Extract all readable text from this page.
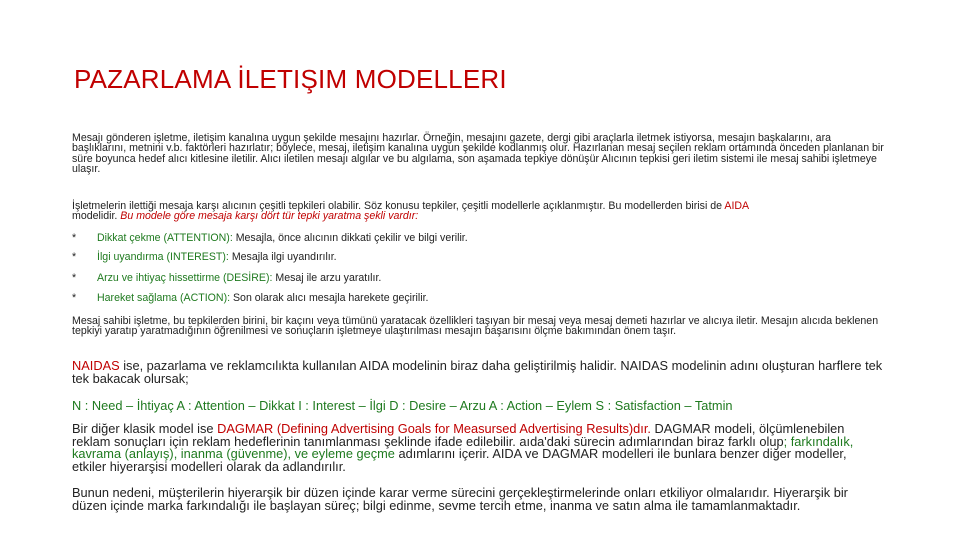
PAZARLAMA İLETIŞIM MODELLERI

Mesajı gönderen işletme, iletişim kanalına uygun şekilde mesajını hazırlar. Örneğin, mesajını gazete, dergi gibi araçlarla iletmek istiyorsa, mesajın başkalarını, ara başlıklarını, metnini v.b. faktörleri hazırlatır; böylece, mesaj, iletişim kanalına uygun şekilde kodlanmış olur. Hazırlanan mesaj seçilen reklam ortamında önceden planlanan bir süre boyunca hedef alıcı kitlesine iletilir. Alıcı iletilen mesajı algılar ve bu algılama, son aşamada tepkiye dönüşür Alıcının tepkisi geri iletim sistemi ile mesaj sahibi işletmeye ulaşır.

İşletmelerin ilettiği mesaja karşı alıcının çeşitli tepkileri olabilir. Söz konusu tepkiler, çeşitli modellerle açıklanmıştır. Bu modellerden birisi de AIDA
modelidir. Bu modele göre mesaja karşı dört tür tepki yaratma şekli vardır:

* Dikkat çekme (ATTENTION): Mesajla, önce alıcının dikkati çekilir ve bilgi verilir.
* İlgi uyandırma (INTEREST): Mesajla ilgi uyandırılır.
* Arzu ve ihtiyaç hissettirme (DESİRE): Mesaj ile arzu yaratılır.
* Hareket sağlama (ACTION): Son olarak alıcı mesajla harekete geçirilir.

Mesaj sahibi işletme, bu tepkilerden birini, bir kaçını veya tümünü yaratacak özellikleri taşıyan bir mesaj veya mesaj demeti hazırlar ve alıcıya iletir. Mesajın alıcıda beklenen tepkiyi yaratıp yaratmadığının öğrenilmesi ve sonuçların işletmeye ulaştırılması mesajın başarısını ölçme bakımından önem taşır.

NAIDAS ise, pazarlama ve reklamcılıkta kullanılan AIDA modelinin biraz daha geliştirilmiş halidir. NAIDAS modelinin adını oluşturan harflere tek tek bakacak olursak;

N : Need – İhtiyaç A : Attention – Dikkat I : Interest – İlgi D : Desire – Arzu A : Action – Eylem S : Satisfaction – Tatmin

Bir diğer klasik model ise DAGMAR (Defining Advertising Goals for Measursed Advertising Results)dır. DAGMAR modeli, ölçümlenebilen reklam sonuçları için reklam hedeflerinin tanımlanması şeklinde ifade edilebilir. aıda'daki sürecin adımlarından biraz farklı olup; farkındalık, kavrama (anlayış), inanma (güvenme), ve eyleme geçme adımlarını içerir. AIDA ve DAGMAR modelleri ile bunlara benzer diğer modeller, etkiler hiyerarşisi modelleri olarak da adlandırılır.

Bunun nedeni, müşterilerin hiyerarşik bir düzen içinde karar verme sürecini gerçekleştirmelerinde onları etkiliyor olmalarıdır. Hiyerarşik bir düzen içinde marka farkındalığı ile başlayan süreç; bilgi edinme, sevme tercih etme, inanma ve satın alma ile tamamlanmaktadır.
